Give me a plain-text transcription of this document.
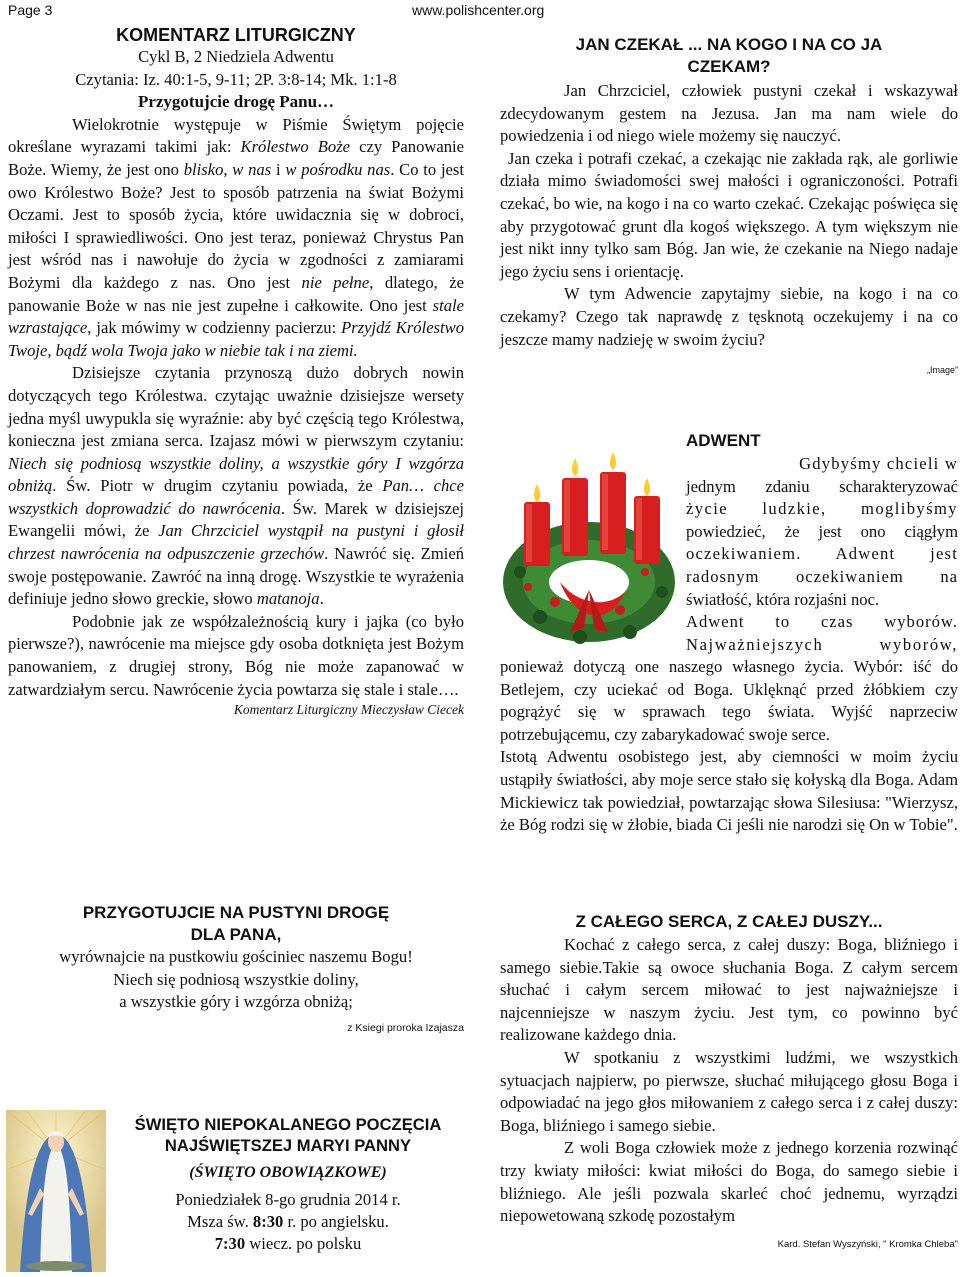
Page 3	www.polishcenter.org
KOMENTARZ LITURGICZNY
Cykl B, 2 Niedziela Adwentu
Czytania: Iz. 40:1-5, 9-11; 2P. 3:8-14; Mk. 1:1-8
Przygotujcie drogę Panu…

Wielokrotnie występuje w Piśmie Świętym pojęcie określane wyrazami takimi jak: Królestwo Boże czy Panowanie Boże. Wiemy, że jest ono blisko, w nas i w pośrodku nas. Co to jest owo Królestwo Boże? Jest to sposób patrzenia na świat Bożymi Oczami. Jest to sposób życia, które uwidacznia się w dobroci, miłości I sprawiedliwości. Ono jest teraz, ponieważ Chrystus Pan jest wśród nas i nawołuje do życia w zgodności z zamiarami Bożymi dla każdego z nas. Ono jest nie pełne, dlatego, że panowanie Boże w nas nie jest zupełne i całkowite. Ono jest stale wzrastające, jak mówimy w codzienny pacierzu: Przyjdź Królestwo Twoje, bądź wola Twoja jako w niebie tak i na ziemi.

Dzisiejsze czytania przynoszą dużo dobrych nowin dotyczących tego Królestwa. czytając uważnie dzisiejsze wersety jedna myśl uwypukla się wyraźnie: aby być częścią tego Królestwa, konieczna jest zmiana serca. Izajasz mówi w pierwszym czytaniu: Niech się podniosą wszystkie doliny, a wszystkie góry I wzgórza obniżą. Św. Piotr w drugim czytaniu powiada, że Pan… chce wszystkich doprowadzić do nawrócenia. Św. Marek w dzisiejszej Ewangelii mówi, że Jan Chrzciciel wystąpił na pustyni i głosił chrzest nawrócenia na odpuszczenie grzechów. Nawróć się. Zmień swoje postępowanie. Zawróć na inną drogę. Wszystkie te wyrażenia definiuje jedno słowo greckie, słowo matanoja.

Podobnie jak ze współzależnością kury i jajka (co było pierwsze?), nawrócenie ma miejsce gdy osoba dotknięta jest Bożym panowaniem, z drugiej strony, Bóg nie może zapanować w zatwardziałym sercu. Nawrócenie życia powtarza się stale i stale….

Komentarz Liturgiczny Mieczysław Ciecek
PRZYGOTUJCIE NA PUSTYNI DROGĘ
DLA PANA,
wyrównajcie na pustkowiu gościniec naszemu Bogu!
Niech się podniosą wszystkie doliny,
a wszystkie góry i wzgórza obniżą;
z Ksiegi proroka Izajasza
ŚWIĘTO NIEPOKALANEGO POCZĘCIA
NAJŚWIĘTSZEJ MARYI PANNY
(ŚWIĘTO OBOWIĄZKOWE)
Poniedziałek 8-go grudnia 2014 r.
Msza św. 8:30 r. po angielsku.
7:30 wiecz. po polsku
JAN CZEKAŁ ... NA KOGO I NA CO JA
CZEKAM?

Jan Chrzciciel, człowiek pustyni czekał i wskazywał zdecydowanym gestem na Jezusa. Jan ma nam wiele do powiedzenia i od niego wiele możemy się nauczyć.

Jan czeka i potrafi czekać, a czekając nie zakłada rąk, ale gorliwie działa mimo świadomości swej małości i ograniczoności. Potrafi czekać, bo wie, na kogo i na co warto czekać. Czekając poświęca się aby przygotować grunt dla kogoś większego. A tym większym nie jest nikt inny tylko sam Bóg. Jan wie, że czekanie na Niego nadaje jego życiu sens i orientację.

W tym Adwencie zapytajmy siebie, na kogo i na co czekamy? Czego tak naprawdę z tęsknotą oczekujemy i na co jeszcze mamy nadzieję w swoim życiu?

„Image”
ADWENT
Gdybyśmy chcieli w
jednym zdaniu scharakteryzować
życie ludzkie, moglibyśmy
powiedzieć, że jest ono ciągłym
oczekiwaniem. Adwent jest
radosnym oczekiwaniem na
światłość, która rozjaśni noc.
Adwent to czas wyborów.
Najważniejszych wyborów,

ponieważ dotyczą one naszego własnego życia. Wybór: iść do Betlejem, czy uciekać od Boga. Uklęknąć przed żłóbkiem czy pogrążyć się w sprawach tego świata. Wyjść naprzeciw potrzebującemu, czy zabarykadować swoje serce.

Istotą Adwentu osobistego jest, aby ciemności w moim życiu ustąpiły światłości, aby moje serce stało się kołyską dla Boga. Adam Mickiewicz tak powiedział, powtarzając słowa Silesiusa: "Wierzysz, że Bóg rodzi się w żłobie, biada Ci jeśli nie narodzi się On w Tobie".

Z CAŁEGO SERCA, Z CAŁEJ DUSZY...

Kochać z całego serca, z całej duszy: Boga, bliźniego i samego siebie.Takie są owoce słuchania Boga. Z całym sercem słuchać i całym sercem miłować to jest najważniejsze i najcenniejsze w naszym życiu. Jest tym, co powinno być realizowane każdego dnia.

W spotkaniu z wszystkimi ludźmi, we wszystkich sytuacjach najpierw, po pierwsze, słuchać miłującego głosu Boga i odpowiadać na jego głos miłowaniem z całego serca i z całej duszy: Boga, bliźniego i samego siebie.

Z woli Boga człowiek może z jednego korzenia rozwinąć trzy kwiaty miłości: kwiat miłości do Boga, do samego siebie i bliźniego. Ale jeśli pozwala skarleć choć jednemu, wyrządzi niepowetowaną szkodę pozostałym

Kard. Stefan Wyszyński, " Kromka Chleba"
